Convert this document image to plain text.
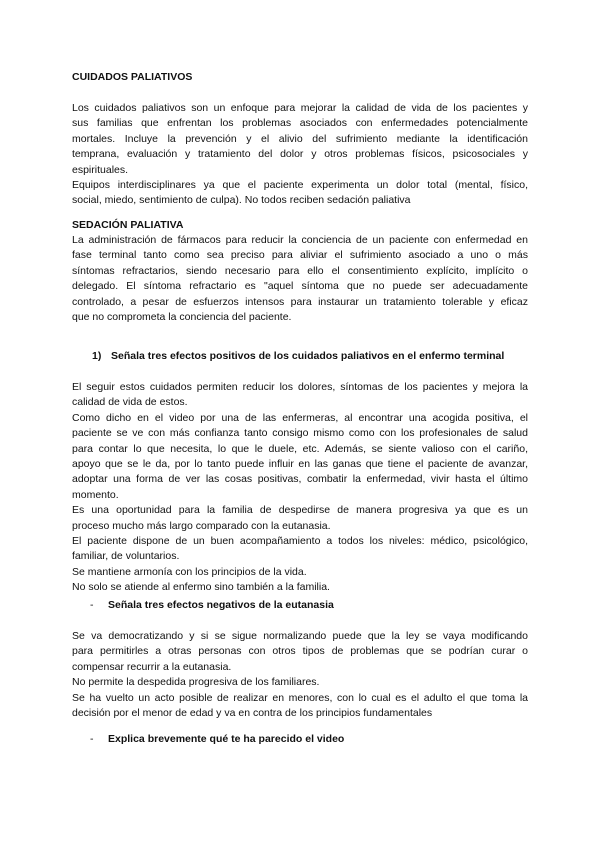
CUIDADOS PALIATIVOS
Los cuidados paliativos son un enfoque para mejorar la calidad de vida de los pacientes y
sus familias que enfrentan los problemas asociados con enfermedades potencialmente
mortales. Incluye la prevención y el alivio del sufrimiento mediante la identificación
temprana, evaluación y tratamiento del dolor y otros problemas físicos, psicosociales y
espirituales.
Equipos interdisciplinares ya que el paciente experimenta un dolor total (mental, físico,
social, miedo, sentimiento de culpa). No todos reciben sedación paliativa
SEDACIÓN PALIATIVA
La administración de fármacos para reducir la conciencia de un paciente con enfermedad en
fase terminal tanto como sea preciso para aliviar el sufrimiento asociado a uno o más
síntomas refractarios, siendo necesario para ello el consentimiento explícito, implícito o
delegado. El síntoma refractario es "aquel síntoma que no puede ser adecuadamente
controlado, a pesar de esfuerzos intensos para instaurar un tratamiento tolerable y eficaz
que no comprometa la conciencia del paciente.
1) Señala tres efectos positivos de los cuidados paliativos en el enfermo terminal
El seguir estos cuidados permiten reducir los dolores, síntomas de los pacientes y mejora la
calidad de vida de estos.
Como dicho en el video por una de las enfermeras, al encontrar una acogida positiva, el
paciente se ve con más confianza tanto consigo mismo como con los profesionales de salud
para contar lo que necesita, lo que le duele, etc. Además, se siente valioso con el cariño,
apoyo que se le da, por lo tanto puede influir en las ganas que tiene el paciente de avanzar,
adoptar una forma de ver las cosas positivas, combatir la enfermedad, vivir hasta el último
momento.
Es una oportunidad para la familia de despedirse de manera progresiva ya que es un
proceso mucho más largo comparado con la eutanasia.
El paciente dispone de un buen acompañamiento a todos los niveles: médico, psicológico,
familiar, de voluntarios.
Se mantiene armonía con los principios de la vida.
No solo se atiende al enfermo sino también a la familia.
- Señala tres efectos negativos de la eutanasia
Se va democratizando y si se sigue normalizando puede que la ley se vaya modificando
para permitirles a otras personas con otros tipos de problemas que se podrían curar o
compensar recurrir a la eutanasia.
No permite la despedida progresiva de los familiares.
Se ha vuelto un acto posible de realizar en menores, con lo cual es el adulto el que toma la
decisión por el menor de edad y va en contra de los principios fundamentales
- Explica brevemente qué te ha parecido el video
